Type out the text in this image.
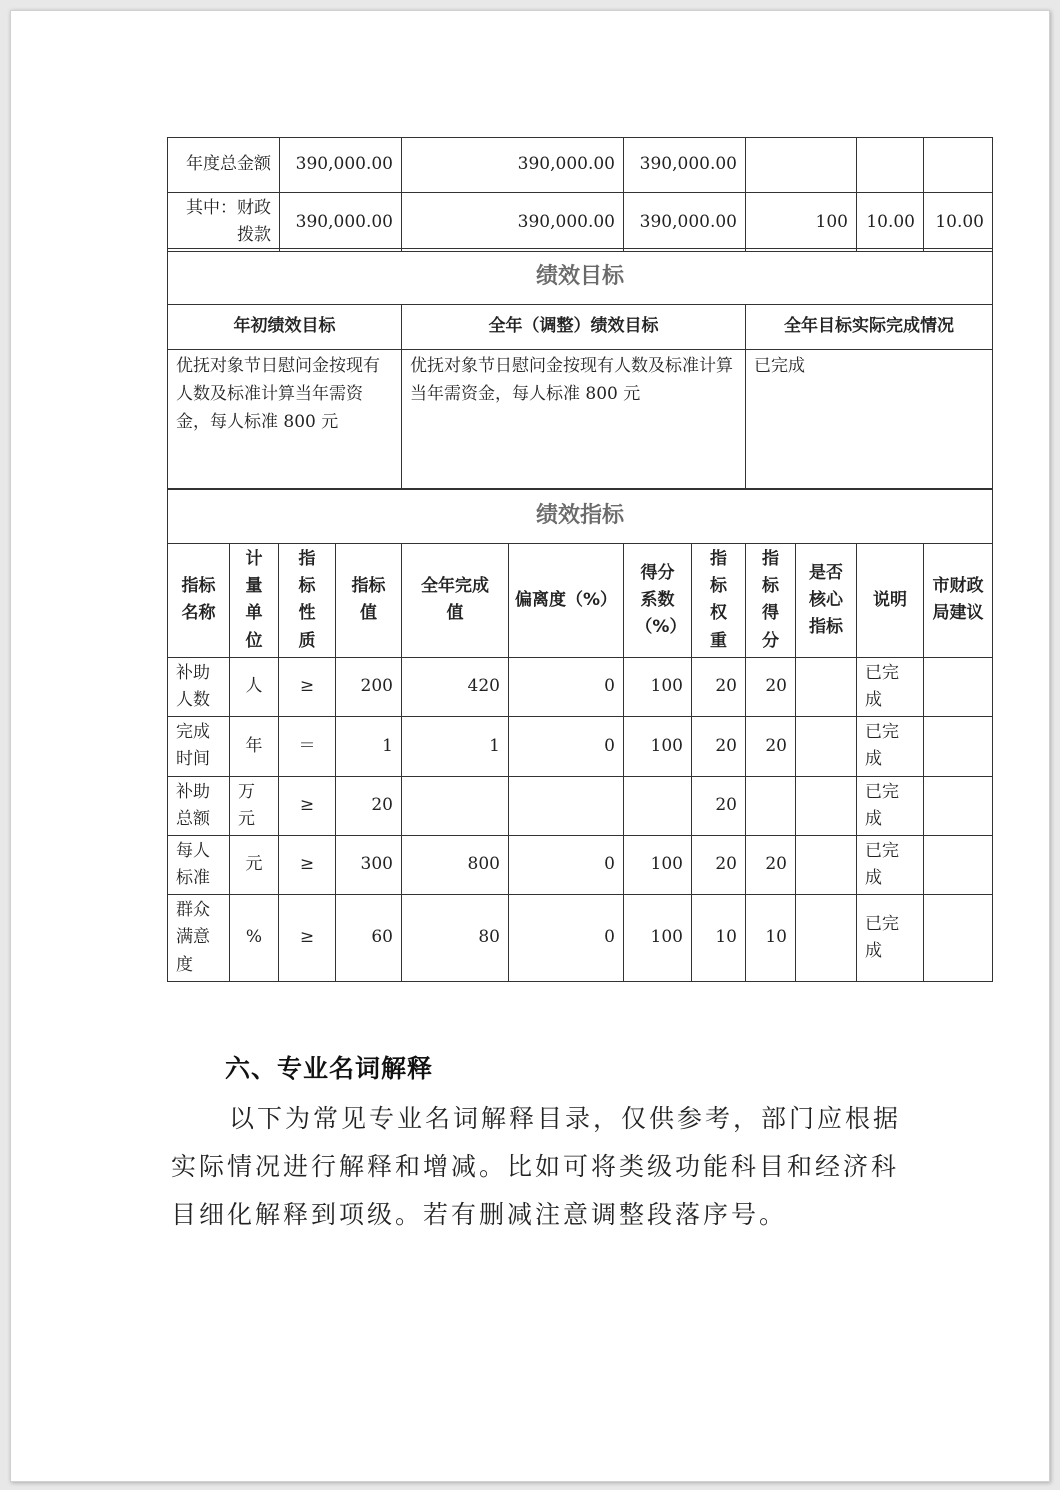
年度总金额	390,000.00	390,000.00	390,000.00			
其中：财政拨款	390,000.00	390,000.00	390,000.00	100	10.00	10.00
绩效目标		
年初绩效目标	全年（调整）绩效目标	全年目标实际完成情况
优抚对象节日慰问金按现有人数及标准计算当年需资金，每人标准 800 元	优抚对象节日慰问金按现有人数及标准计算当年需资金，每人标准 800 元	已完成
绩效指标											
指标名称	计量单位	指标性质	指标值	全年完成值	偏离度（%）	得分系数（%）	指标权重	指标得分	是否核心指标	说明	市财政局建议
补助人数	人	≥	200	420	0	100	20	20		已完成	
完成时间	年	＝	1	1	0	100	20	20		已完成	
补助总额	万元	≥	20				20			已完成	
每人标准	元	≥	300	800	0	100	20	20		已完成	
群众满意度	%	≥	60	80	0	100	10	10		已完成	
六、专业名词解释

以下为常见专业名词解释目录，仅供参考，部门应根据实际情况进行解释和增减。比如可将类级功能科目和经济科目细化解释到项级。若有删减注意调整段落序号。
